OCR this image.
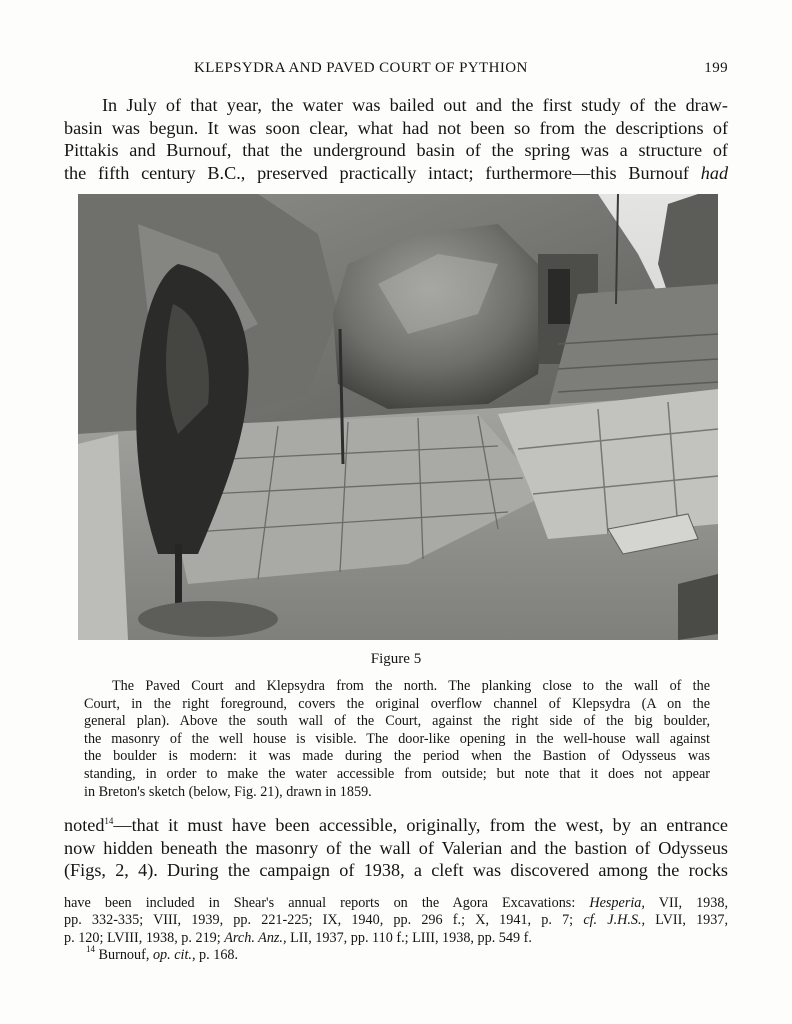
KLEPSYDRA AND PAVED COURT OF PYTHION	199
In July of that year, the water was bailed out and the first study of the draw-
basin was begun. It was soon clear, what had not been so from the descriptions of
Pittakis and Burnouf, that the underground basin of the spring was a structure of
the fifth century B.C., preserved practically intact; furthermore—this Burnouf had
Figure 5
The Paved Court and Klepsydra from the north. The planking close to the wall of the
Court, in the right foreground, covers the original overflow channel of Klepsydra (A on the
general plan). Above the south wall of the Court, against the right side of the big boulder,
the masonry of the well house is visible. The door-like opening in the well-house wall against
the boulder is modern: it was made during the period when the Bastion of Odysseus was
standing, in order to make the water accessible from outside; but note that it does not appear
in Breton's sketch (below, Fig. 21), drawn in 1859.
noted$^{14}$—that it must have been accessible, originally, from the west, by an entrance
now hidden beneath the masonry of the wall of Valerian and the bastion of Odysseus
(Figs, 2, 4). During the campaign of 1938, a cleft was discovered among the rocks
have been included in Shear's annual reports on the Agora Excavations: Hesperia, VII, 1938,
pp. 332-335; VIII, 1939, pp. 221-225; IX, 1940, pp. 296 f.; X, 1941, p. 7; cf. J.H.S., LVII, 1937,
p. 120; LVIII, 1938, p. 219; Arch. Anz., LII, 1937, pp. 110 f.; LIII, 1938, pp. 549 f.
$^{14}$ Burnouf, op. cit., p. 168.
